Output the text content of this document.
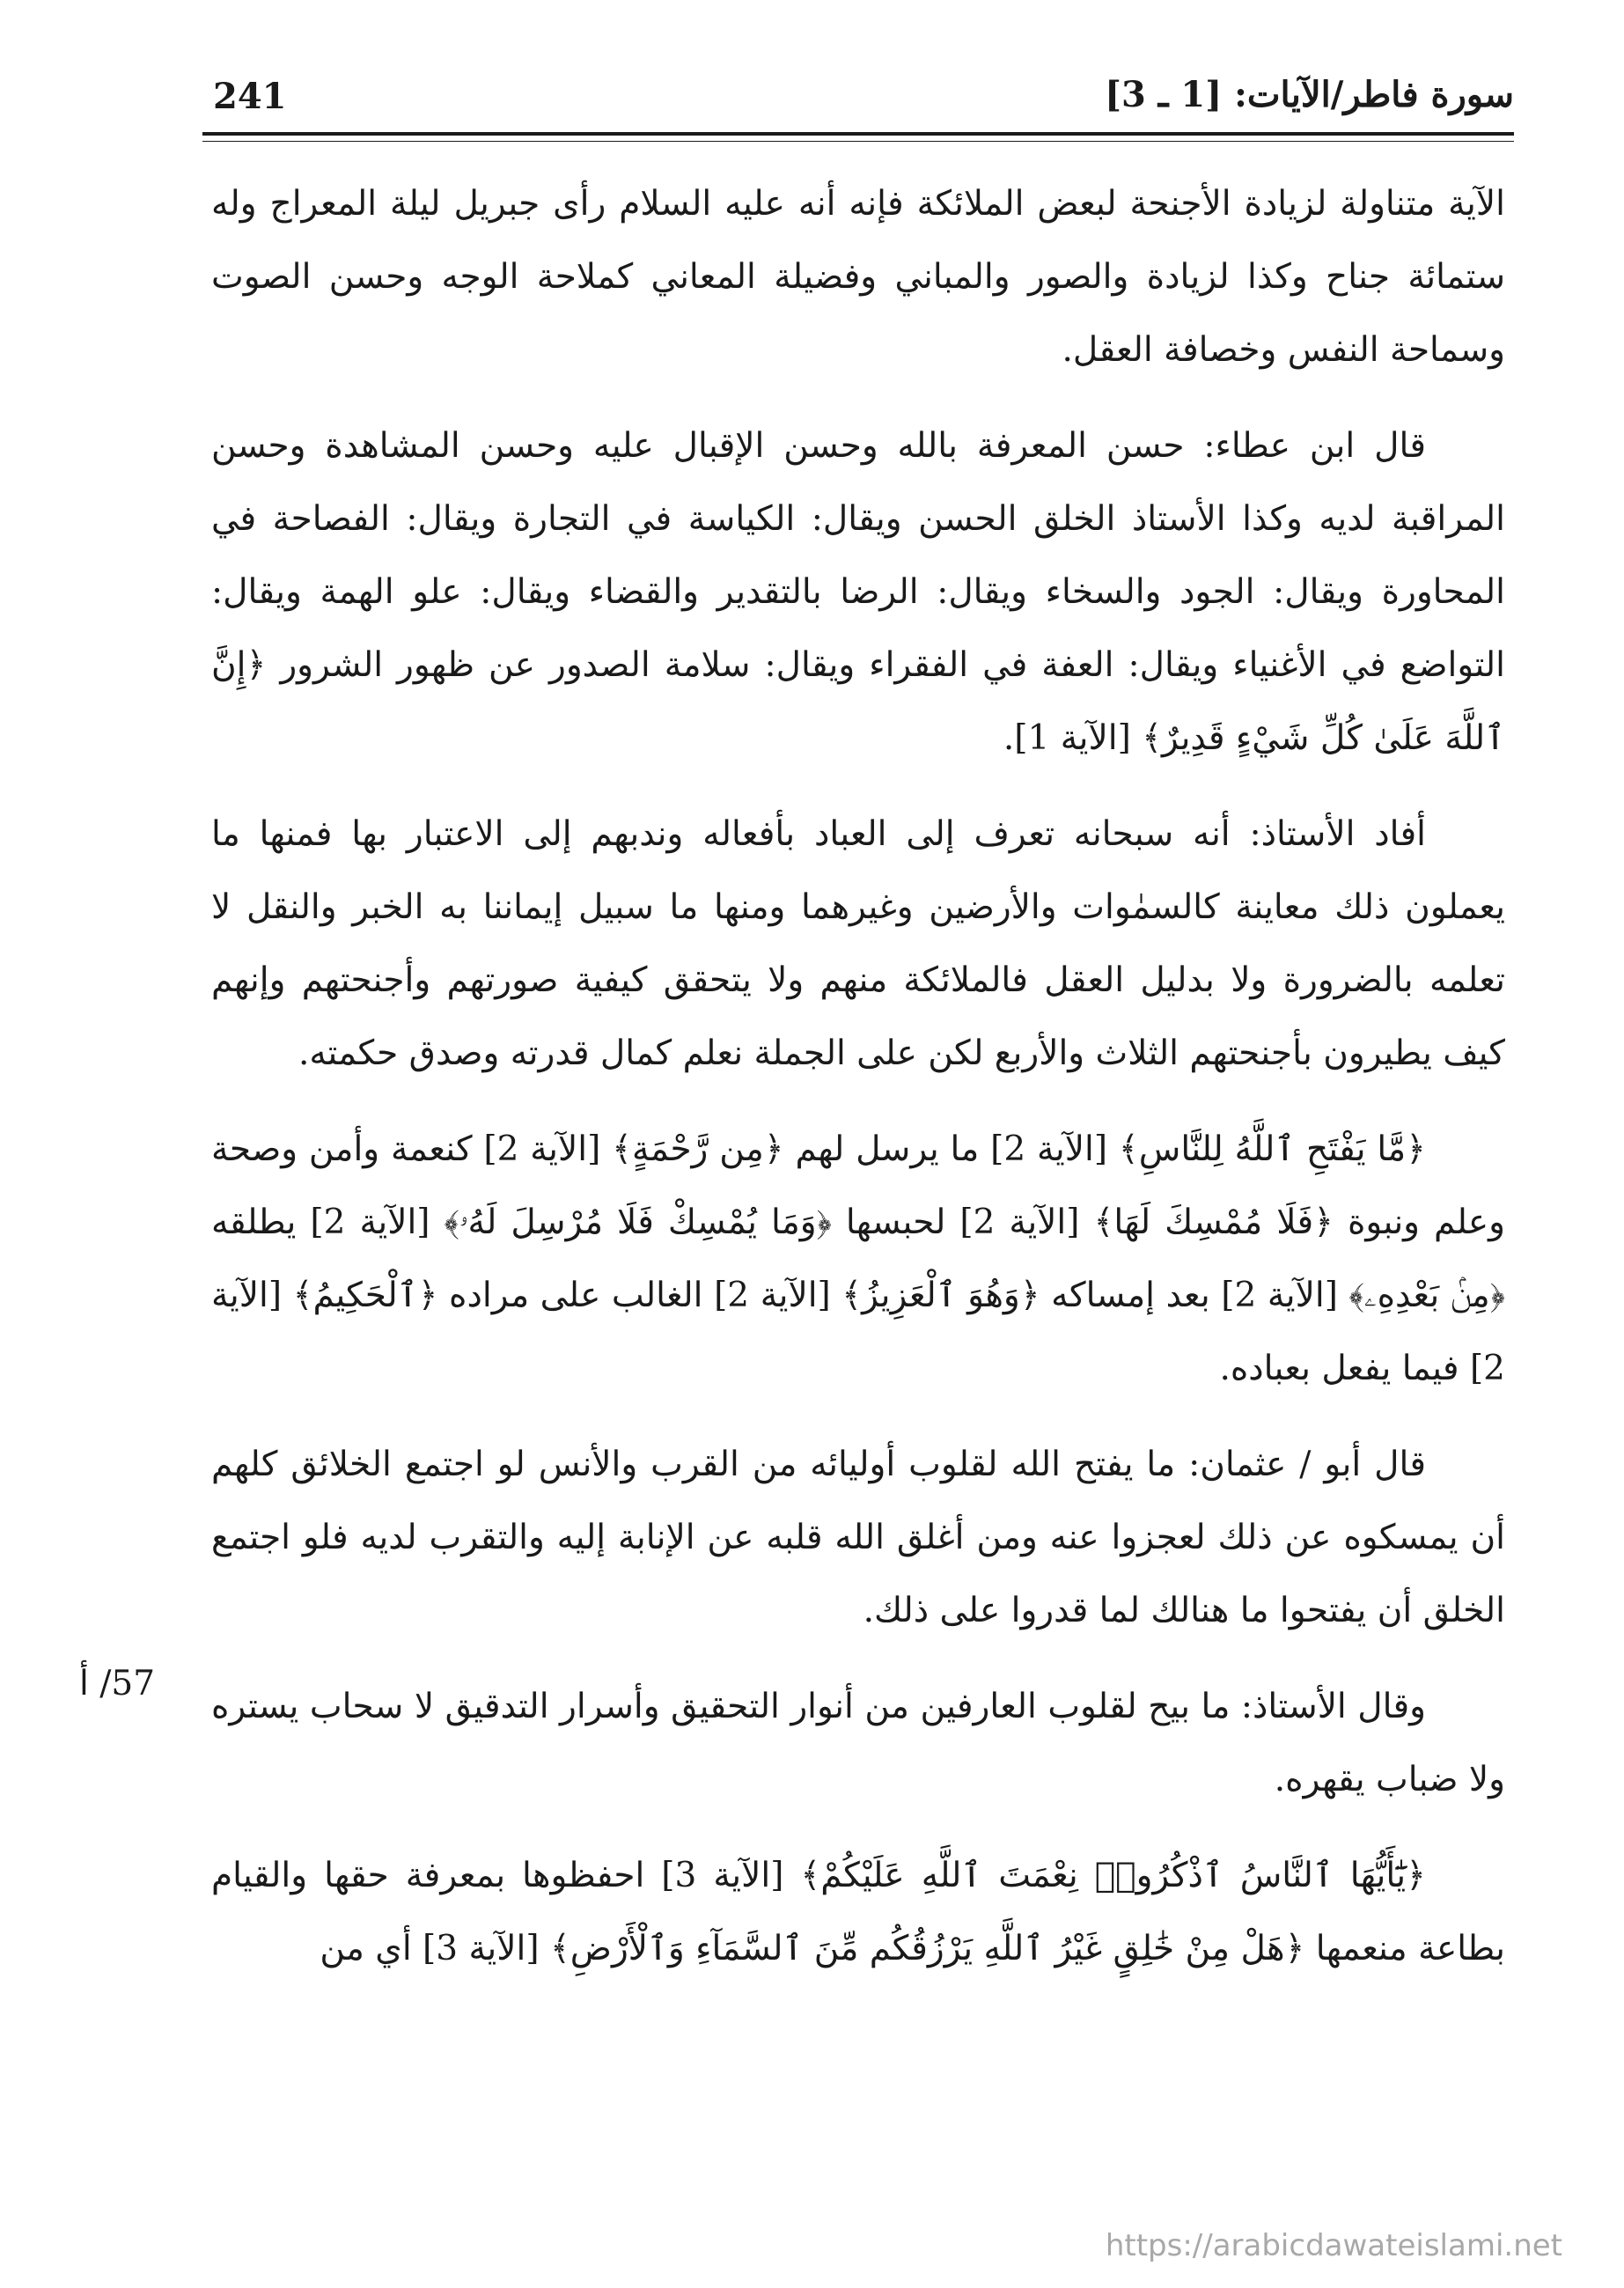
241	سورة فاطر/الآيات: [1 ـ 3]
57/ أ

الآية متناولة لزيادة الأجنحة لبعض الملائكة فإنه أنه عليه السلام رأى جبريل ليلة المعراج وله ستمائة جناح وكذا لزيادة والصور والمباني وفضيلة المعاني كملاحة الوجه وحسن الصوت وسماحة النفس وخصافة العقل.

قال ابن عطاء: حسن المعرفة بالله وحسن الإقبال عليه وحسن المشاهدة وحسن المراقبة لديه وكذا الأستاذ الخلق الحسن ويقال: الكياسة في التجارة ويقال: الفصاحة في المحاورة ويقال: الجود والسخاء ويقال: الرضا بالتقدير والقضاء ويقال: علو الهمة ويقال: التواضع في الأغنياء ويقال: العفة في الفقراء ويقال: سلامة الصدور عن ظهور الشرور ﴿إِنَّ ٱللَّهَ عَلَىٰ كُلِّ شَيْءٍ قَدِيرٌ﴾ [الآية 1].

أفاد الأستاذ: أنه سبحانه تعرف إلى العباد بأفعاله وندبهم إلى الاعتبار بها فمنها ما يعملون ذلك معاينة كالسمٰوات والأرضين وغيرهما ومنها ما سبيل إيماننا به الخبر والنقل لا تعلمه بالضرورة ولا بدليل العقل فالملائكة منهم ولا يتحقق كيفية صورتهم وأجنحتهم وإنهم كيف يطيرون بأجنحتهم الثلاث والأربع لكن على الجملة نعلم كمال قدرته وصدق حكمته.

﴿مَّا يَفْتَحِ ٱللَّهُ لِلنَّاسِ﴾ [الآية 2] ما يرسل لهم ﴿مِن رَّحْمَةٍ﴾ [الآية 2] كنعمة وأمن وصحة وعلم ونبوة ﴿فَلَا مُمْسِكَ لَهَا﴾ [الآية 2] لحبسها ﴿وَمَا يُمْسِكْ فَلَا مُرْسِلَ لَهُۥ﴾ [الآية 2] يطلقه ﴿مِنۢ بَعْدِهِۦ﴾ [الآية 2] بعد إمساكه ﴿وَهُوَ ٱلْعَزِيزُ﴾ [الآية 2] الغالب على مراده ﴿ٱلْحَكِيمُ﴾ [الآية 2] فيما يفعل بعباده.

قال أبو / عثمان: ما يفتح الله لقلوب أوليائه من القرب والأنس لو اجتمع الخلائق كلهم أن يمسكوه عن ذلك لعجزوا عنه ومن أغلق الله قلبه عن الإنابة إليه والتقرب لديه فلو اجتمع الخلق أن يفتحوا ما هنالك لما قدروا على ذلك.

وقال الأستاذ: ما بيح لقلوب العارفين من أنوار التحقيق وأسرار التدقيق لا سحاب يستره ولا ضباب يقهره.

﴿يَٰٓأَيُّهَا ٱلنَّاسُ ٱذْكُرُوا۟ نِعْمَتَ ٱللَّهِ عَلَيْكُمْ﴾ [الآية 3] احفظوها بمعرفة حقها والقيام بطاعة منعمها ﴿هَلْ مِنْ خَٰلِقٍ غَيْرُ ٱللَّهِ يَرْزُقُكُم مِّنَ ٱلسَّمَآءِ وَٱلْأَرْضِ﴾ [الآية 3] أي من

https://arabicdawateislami.net
